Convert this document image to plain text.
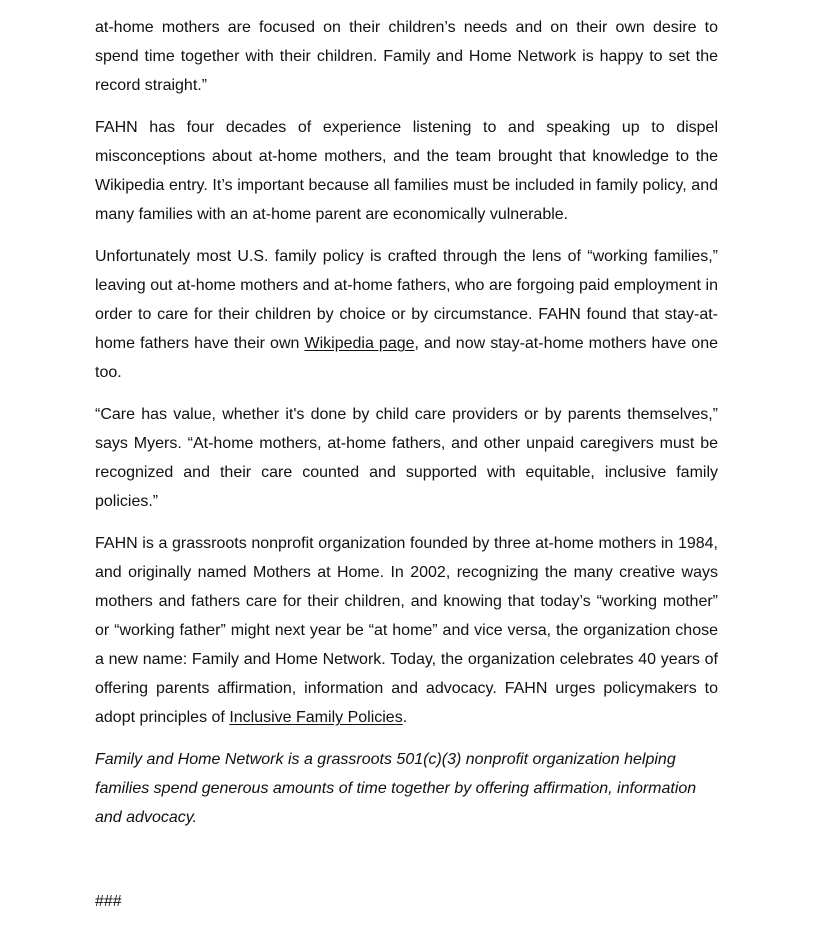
at-home mothers are focused on their children’s needs and on their own desire to spend time together with their children. Family and Home Network is happy to set the record straight.”

FAHN has four decades of experience listening to and speaking up to dispel misconceptions about at-home mothers, and the team brought that knowledge to the Wikipedia entry. It’s important because all families must be included in family policy, and many families with an at-home parent are economically vulnerable.

Unfortunately most U.S. family policy is crafted through the lens of “working families,” leaving out at-home mothers and at-home fathers, who are forgoing paid employment in order to care for their children by choice or by circumstance. FAHN found that stay-at-home fathers have their own Wikipedia page, and now stay-at-home mothers have one too.

“Care has value, whether it's done by child care providers or by parents themselves,” says Myers. “At-home mothers, at-home fathers, and other unpaid caregivers must be recognized and their care counted and supported with equitable, inclusive family policies.”

FAHN is a grassroots nonprofit organization founded by three at-home mothers in 1984, and originally named Mothers at Home. In 2002, recognizing the many creative ways mothers and fathers care for their children, and knowing that today’s “working mother” or “working father” might next year be “at home” and vice versa, the organization chose a new name: Family and Home Network. Today, the organization celebrates 40 years of offering parents affirmation, information and advocacy. FAHN urges policymakers to adopt principles of Inclusive Family Policies.

Family and Home Network is a grassroots 501(c)(3) nonprofit organization helping families spend generous amounts of time together by offering affirmation, information and advocacy.

###
